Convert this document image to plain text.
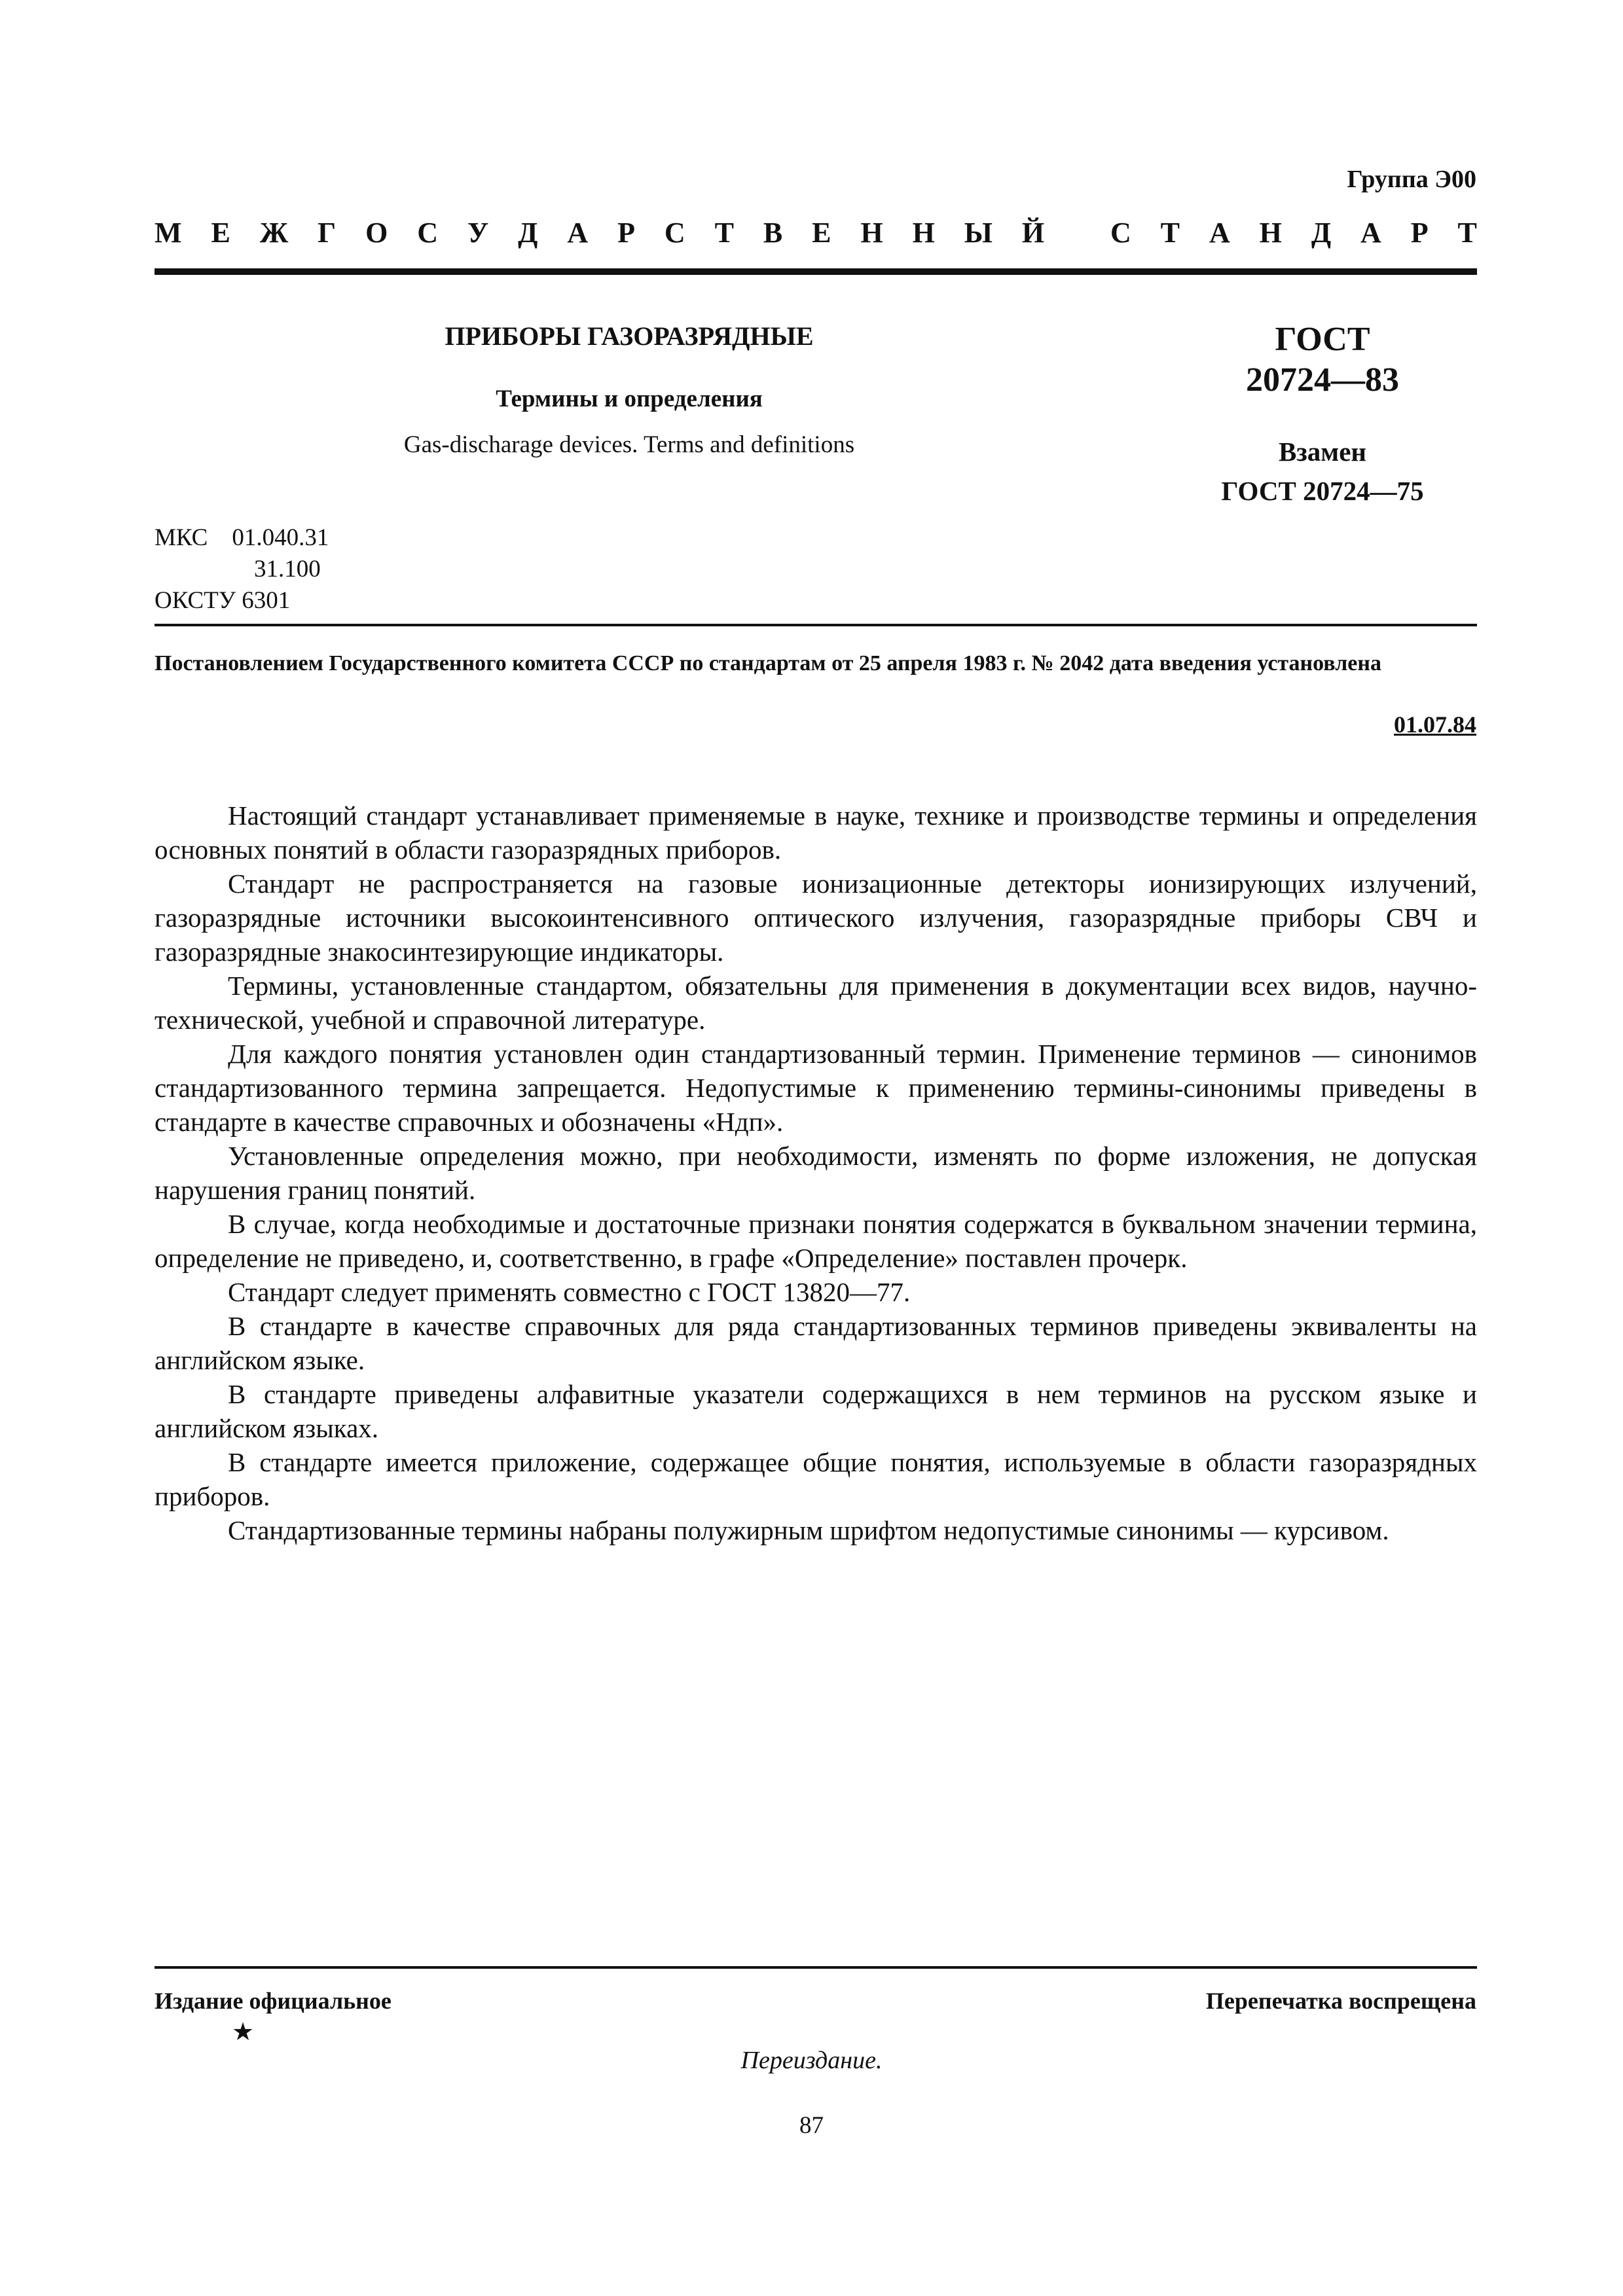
Группа Э00
М Е Ж Г О С У Д А Р С Т В Е Н Н Ы Й
С Т А Н Д А Р Т
ПРИБОРЫ ГАЗОРАЗРЯДНЫЕ
Термины и определения
Gas-discharage devices. Terms and definitions
ГОСТ
20724—83
Взамен
ГОСТ 20724—75
МКС 01.040.31
31.100
ОКСТУ 6301
Постановлением Государственного комитета СССР по стандартам от 25 апреля 1983 г. № 2042 дата введения установлена
01.07.84

Настоящий стандарт устанавливает применяемые в науке, технике и производстве термины и определения основных понятий в области газоразрядных приборов.

Стандарт не распространяется на газовые ионизационные детекторы ионизирующих излучений, газоразрядные источники высокоинтенсивного оптического излучения, газоразрядные приборы СВЧ и газоразрядные знакосинтезирующие индикаторы.

Термины, установленные стандартом, обязательны для применения в документации всех видов, научно-технической, учебной и справочной литературе.

Для каждого понятия установлен один стандартизованный термин. Применение терминов — синонимов стандартизованного термина запрещается. Недопустимые к применению термины-синонимы приведены в стандарте в качестве справочных и обозначены «Ндп».

Установленные определения можно, при необходимости, изменять по форме изложения, не допуская нарушения границ понятий.

В случае, когда необходимые и достаточные признаки понятия содержатся в буквальном значении термина, определение не приведено, и, соответственно, в графе «Определение» поставлен прочерк.

Стандарт следует применять совместно с ГОСТ 13820—77.

В стандарте в качестве справочных для ряда стандартизованных терминов приведены эквиваленты на английском языке.

В стандарте приведены алфавитные указатели содержащихся в нем терминов на русском языке и английском языках.

В стандарте имеется приложение, содержащее общие понятия, используемые в области газоразрядных приборов.

Стандартизованные термины набраны полужирным шрифтом недопустимые синонимы — курсивом.

Издание официальное	Перепечатка воспрещена
★
Переиздание.
87
